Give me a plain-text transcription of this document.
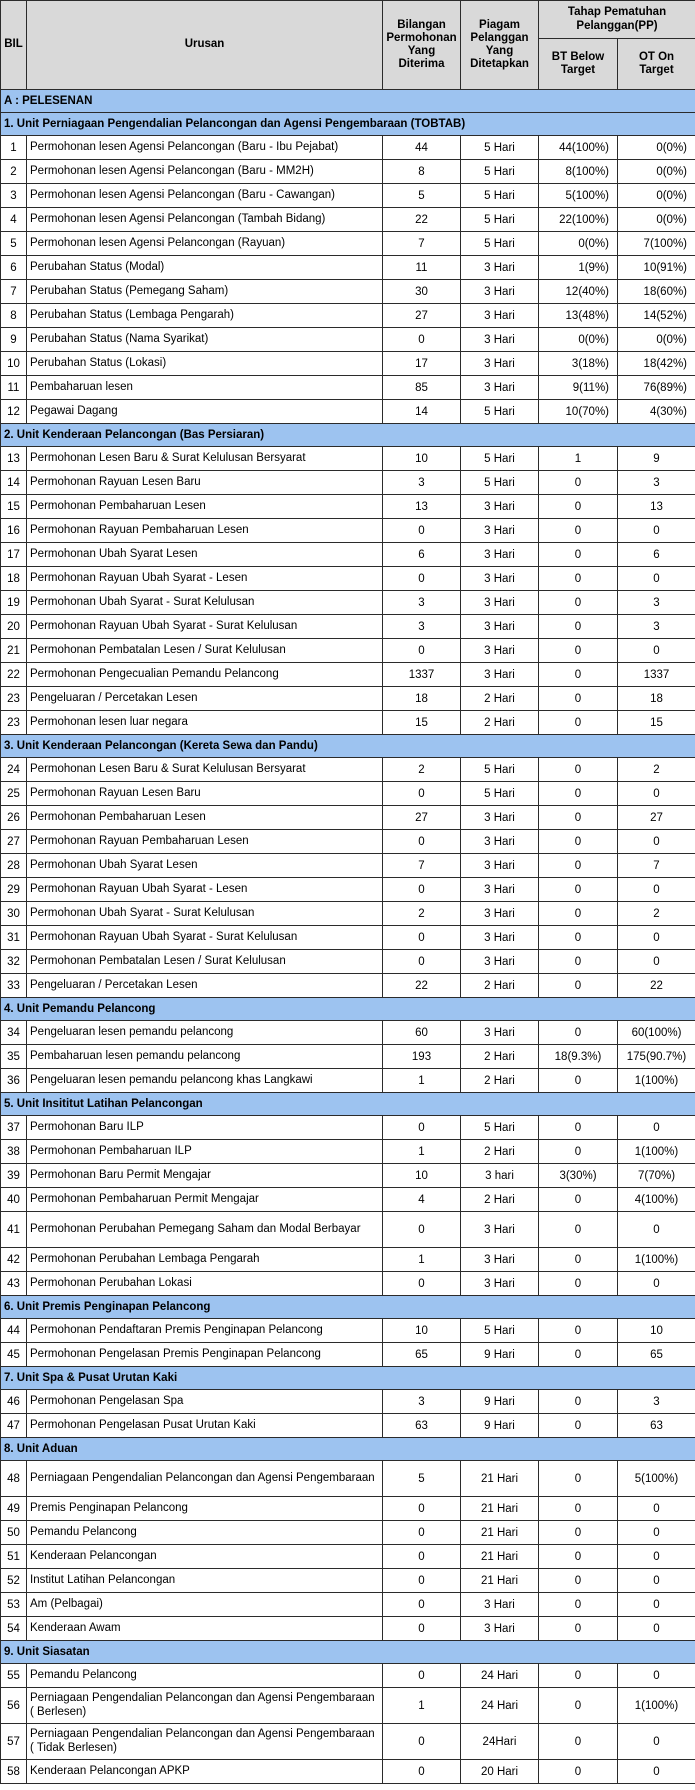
BIL	Urusan	Bilangan Permohonan Yang Diterima	Piagam Pelanggan Yang Ditetapkan	Tahap Pematuhan Pelanggan(PP)	
				BT Below Target	OT On Target
A : PELESENAN					
1. Unit Perniagaan Pengendalian Pelancongan dan Agensi Pengembaraan (TOBTAB)					
1	Permohonan lesen Agensi Pelancongan (Baru - Ibu Pejabat)	44	5 Hari	44(100%)	0(0%)
2	Permohonan lesen Agensi Pelancongan (Baru - MM2H)	8	5 Hari	8(100%)	0(0%)
3	Permohonan lesen Agensi Pelancongan (Baru - Cawangan)	5	5 Hari	5(100%)	0(0%)
4	Permohonan lesen Agensi Pelancongan (Tambah Bidang)	22	5 Hari	22(100%)	0(0%)
5	Permohonan lesen Agensi Pelancongan (Rayuan)	7	5 Hari	0(0%)	7(100%)
6	Perubahan Status (Modal)	11	3 Hari	1(9%)	10(91%)
7	Perubahan Status (Pemegang Saham)	30	3 Hari	12(40%)	18(60%)
8	Perubahan Status (Lembaga Pengarah)	27	3 Hari	13(48%)	14(52%)
9	Perubahan Status (Nama Syarikat)	0	3 Hari	0(0%)	0(0%)
10	Perubahan Status (Lokasi)	17	3 Hari	3(18%)	18(42%)
11	Pembaharuan lesen	85	3 Hari	9(11%)	76(89%)
12	Pegawai Dagang	14	5 Hari	10(70%)	4(30%)
2. Unit Kenderaan Pelancongan (Bas Persiaran)					
13	Permohonan Lesen Baru & Surat Kelulusan Bersyarat	10	5 Hari	1	9
14	Permohonan Rayuan Lesen Baru	3	5 Hari	0	3
15	Permohonan Pembaharuan Lesen	13	3 Hari	0	13
16	Permohonan Rayuan Pembaharuan Lesen	0	3 Hari	0	0
17	Permohonan Ubah Syarat Lesen	6	3 Hari	0	6
18	Permohonan Rayuan Ubah Syarat - Lesen	0	3 Hari	0	0
19	Permohonan Ubah Syarat - Surat Kelulusan	3	3 Hari	0	3
20	Permohonan Rayuan Ubah Syarat - Surat Kelulusan	3	3 Hari	0	3
21	Permohonan Pembatalan Lesen / Surat Kelulusan	0	3 Hari	0	0
22	Permohonan Pengecualian Pemandu Pelancong	1337	3 Hari	0	1337
23	Pengeluaran / Percetakan Lesen	18	2 Hari	0	18
23	Permohonan lesen luar negara	15	2 Hari	0	15
3. Unit Kenderaan Pelancongan (Kereta Sewa dan Pandu)					
24	Permohonan Lesen Baru & Surat Kelulusan Bersyarat	2	5 Hari	0	2
25	Permohonan Rayuan Lesen Baru	0	5 Hari	0	0
26	Permohonan Pembaharuan Lesen	27	3 Hari	0	27
27	Permohonan Rayuan Pembaharuan Lesen	0	3 Hari	0	0
28	Permohonan Ubah Syarat Lesen	7	3 Hari	0	7
29	Permohonan Rayuan Ubah Syarat - Lesen	0	3 Hari	0	0
30	Permohonan Ubah Syarat - Surat Kelulusan	2	3 Hari	0	2
31	Permohonan Rayuan Ubah Syarat - Surat Kelulusan	0	3 Hari	0	0
32	Permohonan Pembatalan Lesen / Surat Kelulusan	0	3 Hari	0	0
33	Pengeluaran / Percetakan Lesen	22	2 Hari	0	22
4. Unit Pemandu Pelancong					
34	Pengeluaran lesen pemandu pelancong	60	3 Hari	0	60(100%)
35	Pembaharuan lesen pemandu pelancong	193	2 Hari	18(9.3%)	175(90.7%)
36	Pengeluaran lesen pemandu pelancong khas Langkawi	1	2 Hari	0	1(100%)
5. Unit Insititut Latihan Pelancongan					
37	Permohonan Baru ILP	0	5 Hari	0	0
38	Permohonan Pembaharuan ILP	1	2 Hari	0	1(100%)
39	Permohonan Baru Permit Mengajar	10	3 hari	3(30%)	7(70%)
40	Permohonan Pembaharuan Permit Mengajar	4	2 Hari	0	4(100%)
41	Permohonan Perubahan Pemegang Saham dan Modal Berbayar	0	3 Hari	0	0
42	Permohonan Perubahan Lembaga Pengarah	1	3 Hari	0	1(100%)
43	Permohonan Perubahan Lokasi	0	3 Hari	0	0
6. Unit Premis Penginapan Pelancong					
44	Permohonan Pendaftaran Premis Penginapan Pelancong	10	5 Hari	0	10
45	Permohonan Pengelasan Premis Penginapan Pelancong	65	9 Hari	0	65
7. Unit Spa & Pusat Urutan Kaki					
46	Permohonan Pengelasan Spa	3	9 Hari	0	3
47	Permohonan Pengelasan Pusat Urutan Kaki	63	9 Hari	0	63
8. Unit Aduan					
48	Perniagaan Pengendalian Pelancongan dan Agensi Pengembaraan	5	21 Hari	0	5(100%)
49	Premis Penginapan Pelancong	0	21 Hari	0	0
50	Pemandu Pelancong	0	21 Hari	0	0
51	Kenderaan Pelancongan	0	21 Hari	0	0
52	Institut Latihan Pelancongan	0	21 Hari	0	0
53	Am (Pelbagai)	0	3 Hari	0	0
54	Kenderaan Awam	0	3 Hari	0	0
9. Unit Siasatan					
55	Pemandu Pelancong	0	24 Hari	0	0
56	Perniagaan Pengendalian Pelancongan dan Agensi Pengembaraan ( Berlesen)	1	24 Hari	0	1(100%)
57	Perniagaan Pengendalian Pelancongan dan Agensi Pengembaraan ( Tidak Berlesen)	0	24Hari	0	0
58	Kenderaan Pelancongan APKP	0	20 Hari	0	0
